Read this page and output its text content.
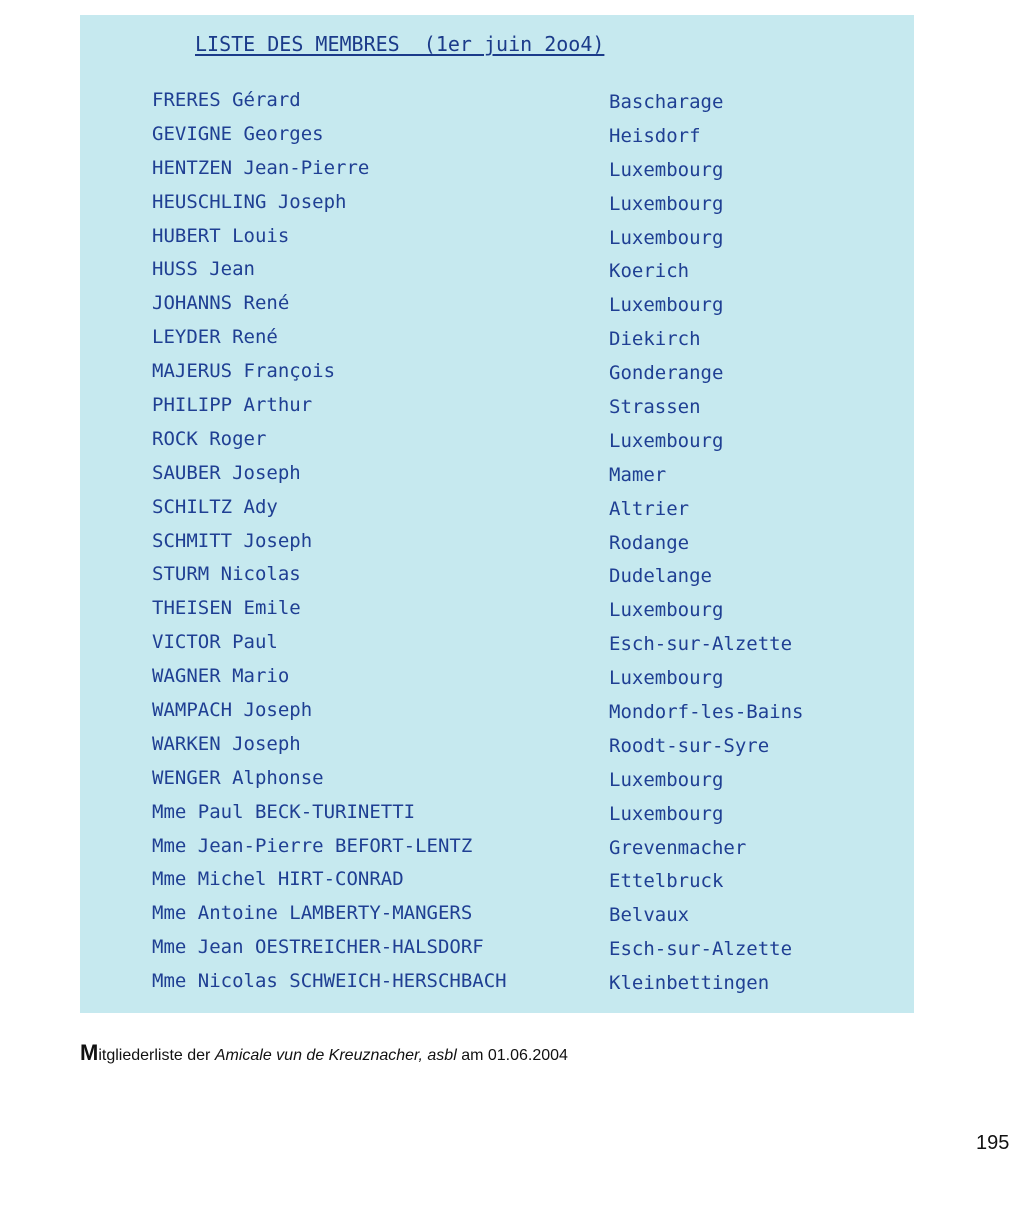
LISTE DES MEMBRES  (1er juin 2oo4)
FRERES Gérard	Bascharage
GEVIGNE Georges	Heisdorf
HENTZEN Jean-Pierre	Luxembourg
HEUSCHLING Joseph	Luxembourg
HUBERT Louis	Luxembourg
HUSS Jean	Koerich
JOHANNS René	Luxembourg
LEYDER René	Diekirch
MAJERUS François	Gonderange
PHILIPP Arthur	Strassen
ROCK Roger	Luxembourg
SAUBER Joseph	Mamer
SCHILTZ Ady	Altrier
SCHMITT Joseph	Rodange
STURM Nicolas	Dudelange
THEISEN Emile	Luxembourg
VICTOR Paul	Esch-sur-Alzette
WAGNER Mario	Luxembourg
WAMPACH Joseph	Mondorf-les-Bains
WARKEN Joseph	Roodt-sur-Syre
WENGER Alphonse	Luxembourg
Mme Paul BECK-TURINETTI	Luxembourg
Mme Jean-Pierre BEFORT-LENTZ	Grevenmacher
Mme Michel HIRT-CONRAD	Ettelbruck
Mme Antoine LAMBERTY-MANGERS	Belvaux
Mme Jean OESTREICHER-HALSDORF	Esch-sur-Alzette
Mme Nicolas SCHWEICH-HERSCHBACH	Kleinbettingen
Mitgliederliste der Amicale vun de Kreuznacher, asbl am 01.06.2004
195
